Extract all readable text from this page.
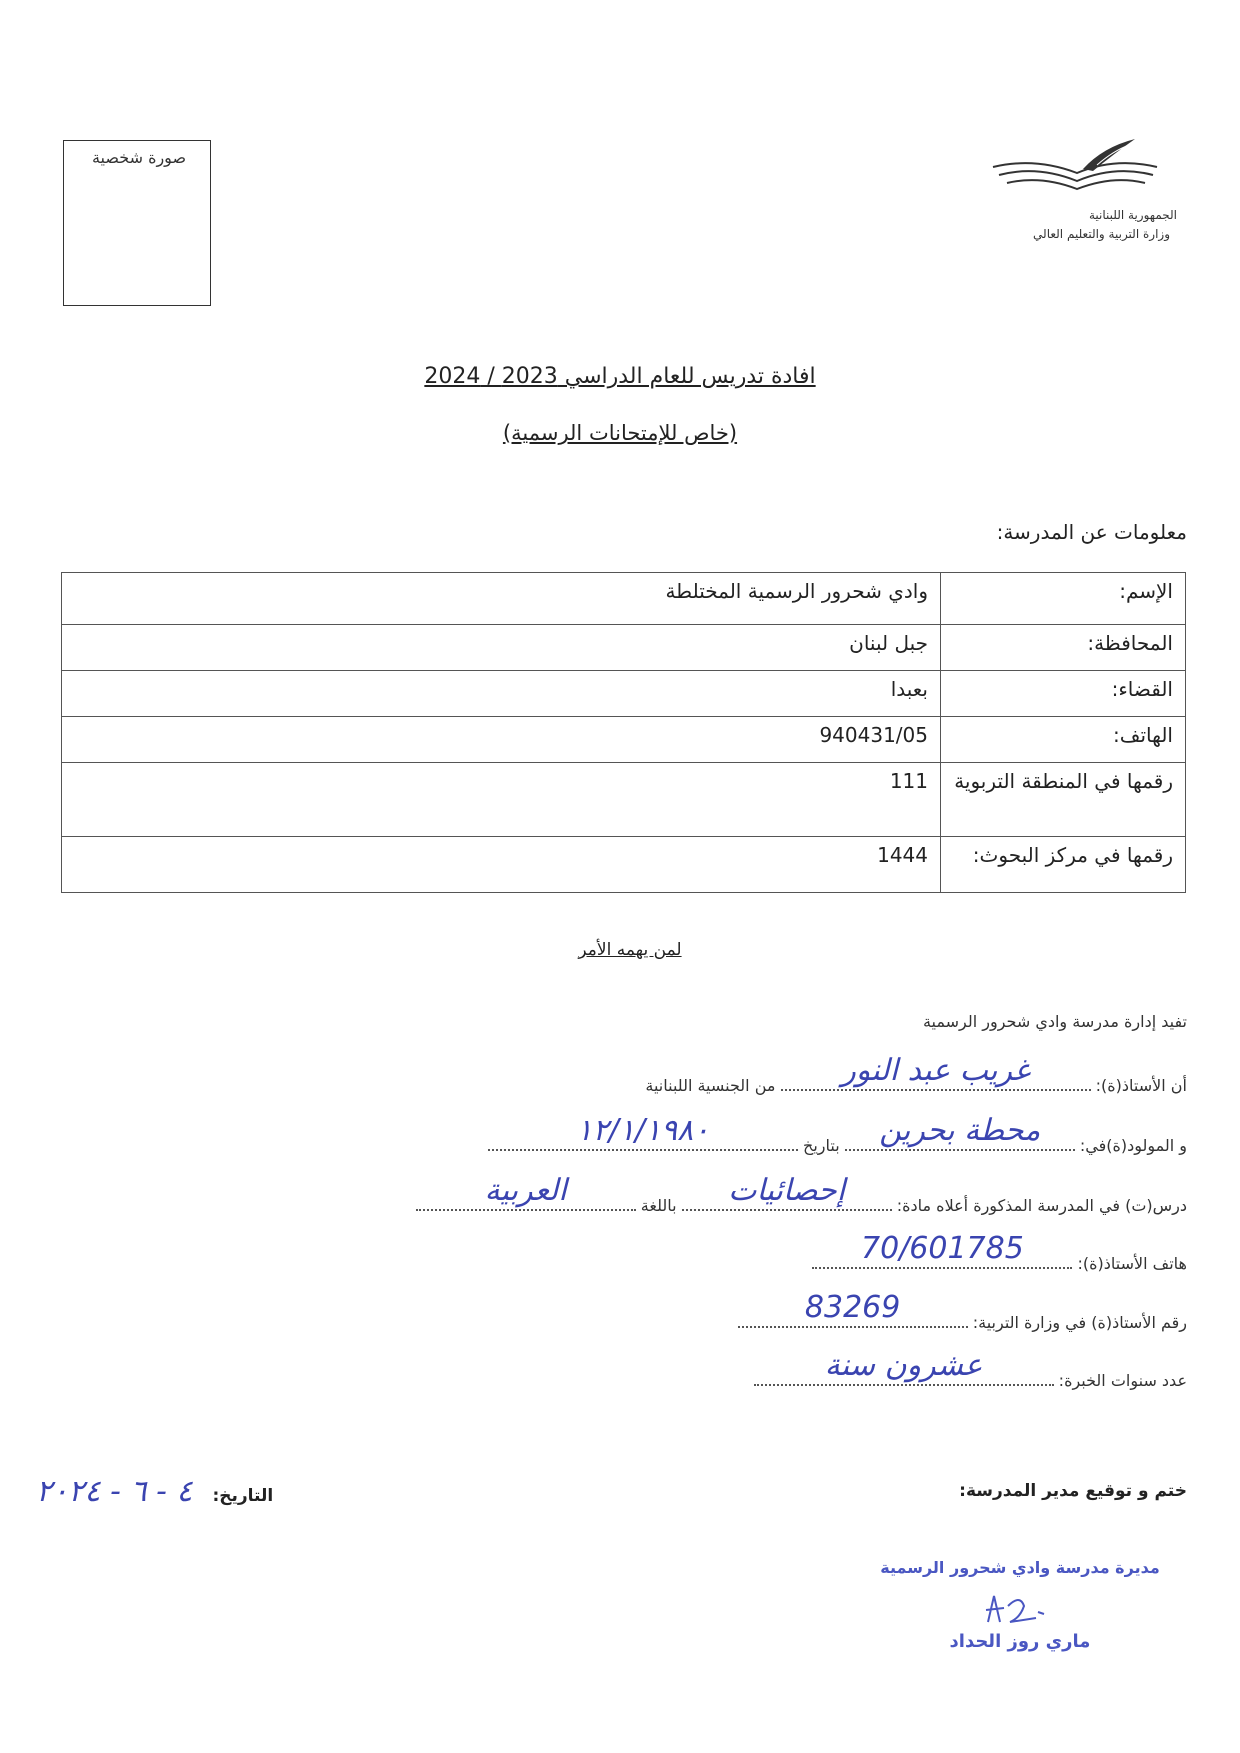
صورة شخصية
الجمهورية اللبنانية
وزارة التربية والتعليم العالي
افادة تدريس للعام الدراسي 2023 / 2024
(خاص للإمتحانات الرسمية)
معلومات عن المدرسة:
الإسم:	وادي شحرور الرسمية المختلطة
المحافظة:	جبل لبنان
القضاء:	بعبدا
الهاتف:	940431/05
رقمها في المنطقة التربوية	111
رقمها في مركز البحوث:	1444
لمن يهمه الأمر
تفيد إدارة مدرسة وادي شحرور الرسمية
أن الأستاذ(ة):
غريب عبد النور
من الجنسية اللبنانية
و المولود(ة)في:
محطة بحرين
بتاريخ
١٢/١/١٩٨٠
درس(ت) في المدرسة المذكورة أعلاه مادة:
إحصائيات
باللغة
العربية
هاتف الأستاذ(ة):
70/601785
رقم الأستاذ(ة) في وزارة التربية:
83269
عدد سنوات الخبرة:
عشرون سنة
ختم و توقيع مدير المدرسة:
التاريخ: ٤ - ٦ - ٢٠٢٤
مديرة مدرسة وادي شحرور الرسمية
ماري روز الحداد
